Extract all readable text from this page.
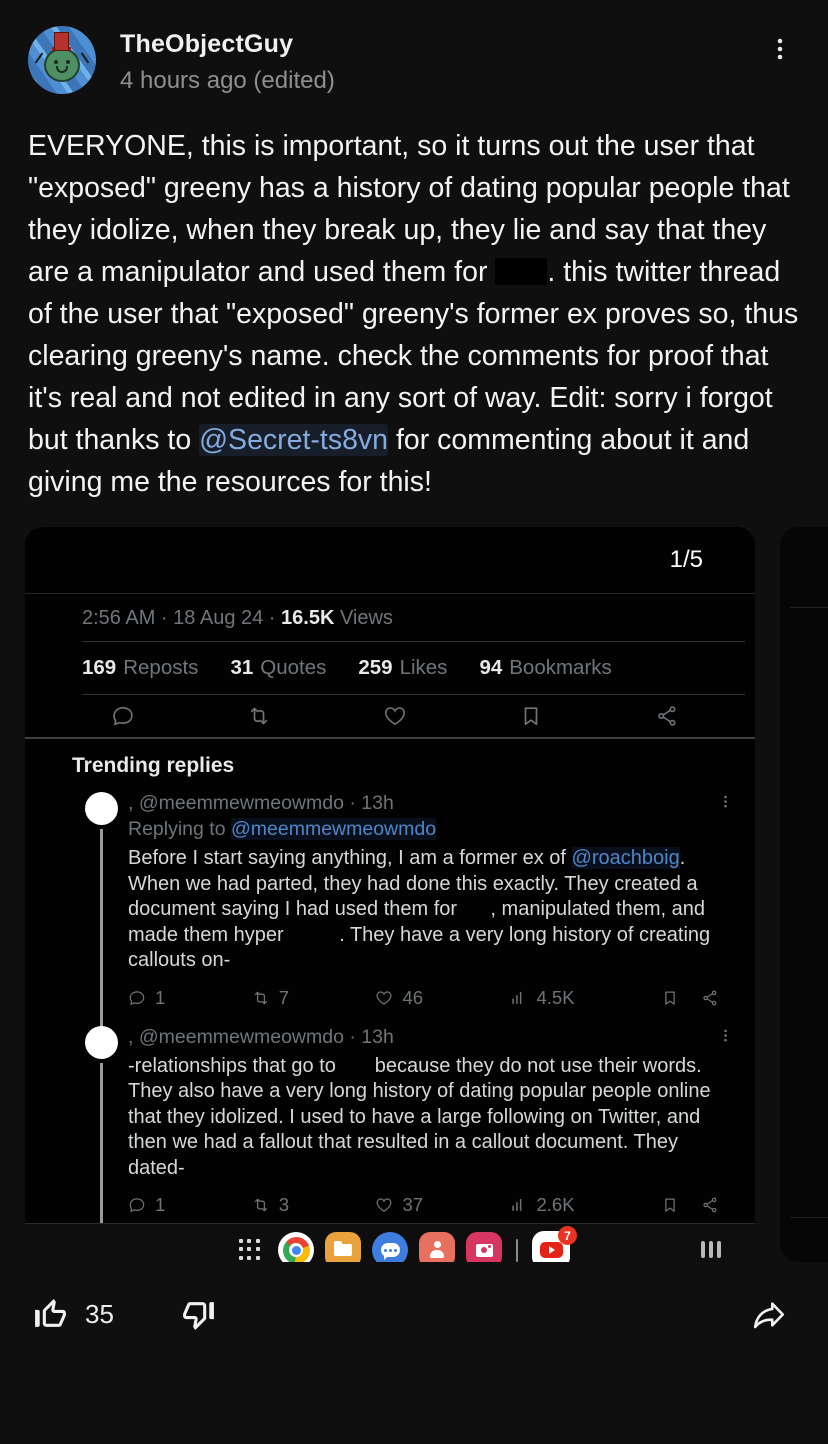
TheObjectGuy
4 hours ago (edited)
EVERYONE, this is important, so it turns out the user that "exposed" greeny has a history of dating popular people that they idolize, when they break up, they lie and say that they are a manipulator and used them for . this twitter thread of the user that "exposed" greeny's former ex proves so, thus clearing greeny's name. check the comments for proof that it's real and not edited in any sort of way. Edit: sorry i forgot but thanks to @Secret-ts8vn for commenting about it and giving me the resources for this!
1/5
2:56 AM · 18 Aug 24 · 16.5K Views
169 Reposts 31 Quotes 259 Likes 94 Bookmarks
Trending replies
, @meemmewmeowmdo · 13h
Replying to @meemmewmeowmdo
Before I start saying anything, I am a former ex of @roachboig. When we had parted, they had done this exactly. They created a document saying I had used them for      , manipulated them, and made them hyper          . They have a very long history of creating callouts on-
1	7	46	4.5K
, @meemmewmeowmdo · 13h
-relationships that go to       because they do not use their words. They also have a very long history of dating popular people online that they idolized. I used to have a large following on Twitter, and then we had a fallout that resulted in a callout document. They dated-
1	3	37	2.6K
7
35
